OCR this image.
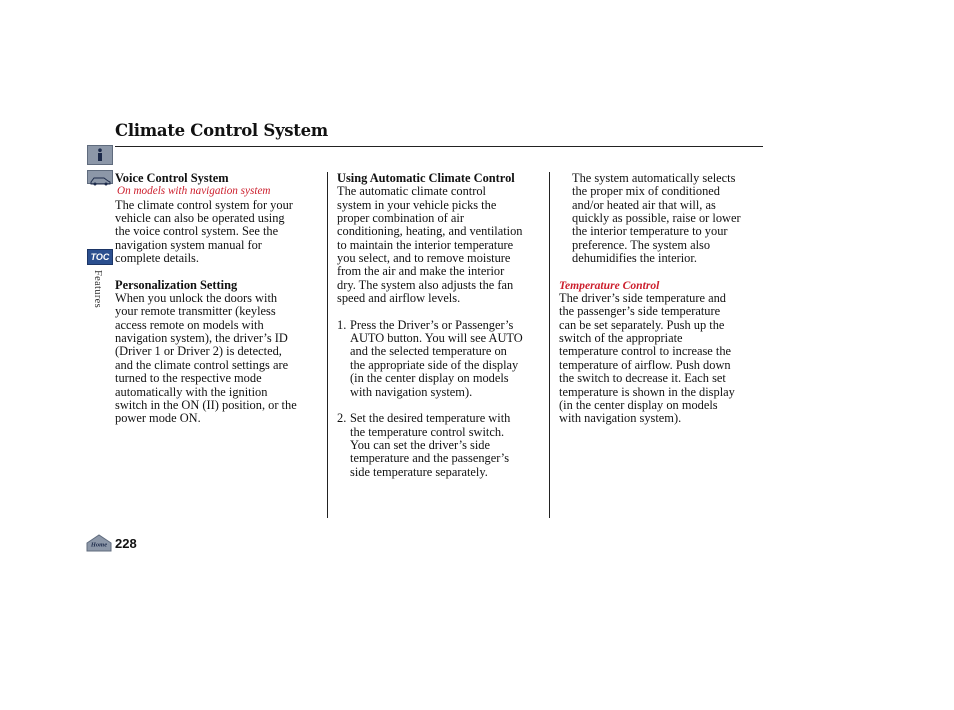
Climate Control System
TOC
Features

Voice Control System

On models with navigation system

The climate control system for your

vehicle can also be operated using

the voice control system. See the

navigation system manual for

complete details.

Personalization Setting

When you unlock the doors with

your remote transmitter (keyless

access remote on models with

navigation system), the driver’s ID

(Driver 1 or Driver 2) is detected,

and the climate control settings are

turned to the respective mode

automatically with the ignition

switch in the ON (II) position, or the

power mode ON.

Using Automatic Climate Control

The automatic climate control

system in your vehicle picks the

proper combination of air

conditioning, heating, and ventilation

to maintain the interior temperature

you select, and to remove moisture

from the air and make the interior

dry. The system also adjusts the fan

speed and airflow levels.

1. Press the Driver’s or Passenger’s

AUTO button. You will see AUTO

and the selected temperature on

the appropriate side of the display

(in the center display on models

with navigation system).

2. Set the desired temperature with

the temperature control switch.

You can set the driver’s side

temperature and the passenger’s

side temperature separately.

The system automatically selects

the proper mix of conditioned

and/or heated air that will, as

quickly as possible, raise or lower

the interior temperature to your

preference. The system also

dehumidifies the interior.

Temperature Control

The driver’s side temperature and

the passenger’s side temperature

can be set separately. Push up the

switch of the appropriate

temperature control to increase the

temperature of airflow. Push down

the switch to decrease it. Each set

temperature is shown in the display

(in the center display on models

with navigation system).

Home 228
